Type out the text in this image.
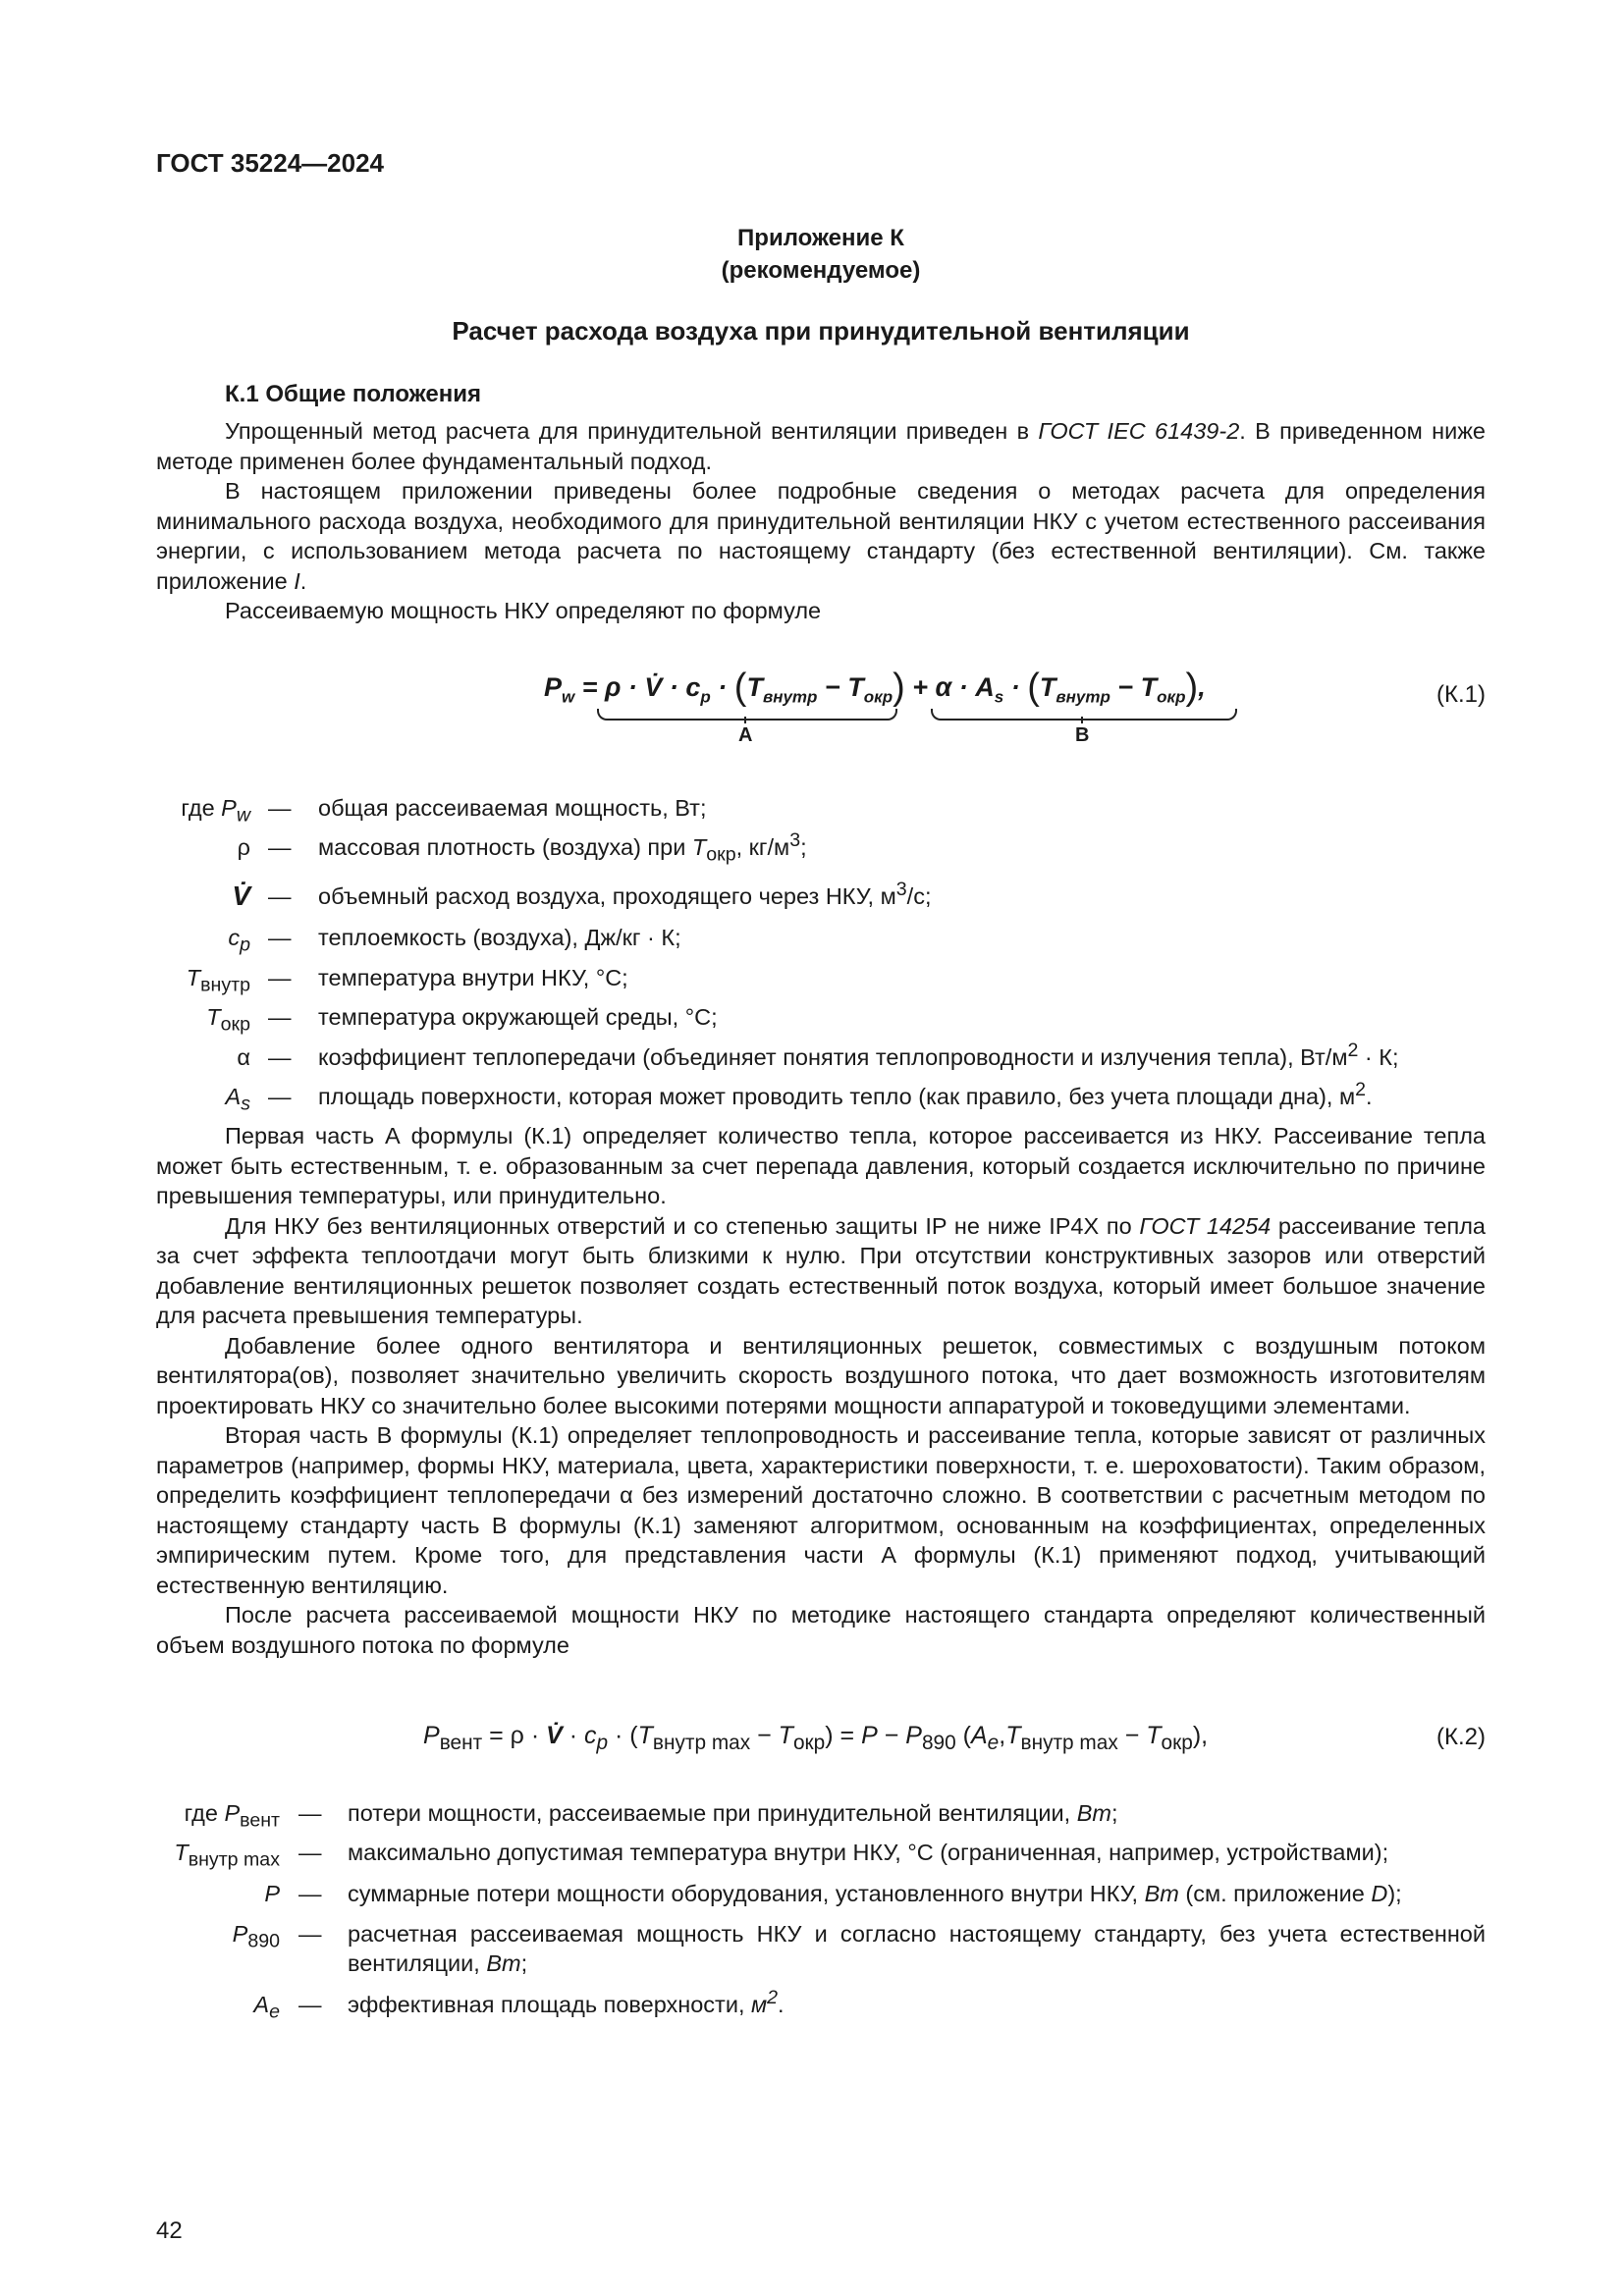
ГОСТ 35224—2024
Приложение К
(рекомендуемое)
Расчет расхода воздуха при принудительной вентиляции
К.1 Общие положения

Упрощенный метод расчета для принудительной вентиляции приведен в ГОСТ IEC 61439-2. В приведенном ниже методе применен более фундаментальный подход.

В настоящем приложении приведены более подробные сведения о методах расчета для определения минимального расхода воздуха, необходимого для принудительной вентиляции НКУ с учетом естественного рассеивания энергии, с использованием метода расчета по настоящему стандарту (без естественной вентиляции). См. также приложение I.

Рассеиваемую мощность НКУ определяют по формуле

$P_w = \rho$ · V̇ · $c_p \cdot (T_{внутр} - T_{окр}) + \alpha \cdot A_s \cdot (T_{внутр} - T_{окр})$,
A	B
(К.1)
где $P_w$ — общая рассеиваемая мощность, Вт;
ρ — массовая плотность (воздуха) при $T_{окр}$, $кг/м^3$;
V̇ — объемный расход воздуха, проходящего через НКУ, $м^3/с$;
$c_p$ — теплоемкость (воздуха), Дж/кг · К;
$T_{внутр}$ — температура внутри НКУ, °С;
$T_{окр}$ — температура окружающей среды, °С;
α — коэффициент теплопередачи (объединяет понятия теплопроводности и излучения тепла), $Вт/м^2 \cdot К$;
$A_s$ — площадь поверхности, которая может проводить тепло (как правило, без учета площади дна), $м^2$.

Первая часть А формулы (К.1) определяет количество тепла, которое рассеивается из НКУ. Рассеивание тепла может быть естественным, т. е. образованным за счет перепада давления, который создается исключительно по причине превышения температуры, или принудительно.

Для НКУ без вентиляционных отверстий и со степенью защиты IP не ниже IP4X по ГОСТ 14254 рассеивание тепла за счет эффекта теплоотдачи могут быть близкими к нулю. При отсутствии конструктивных зазоров или отверстий добавление вентиляционных решеток позволяет создать естественный поток воздуха, который имеет большое значение для расчета превышения температуры.

Добавление более одного вентилятора и вентиляционных решеток, совместимых с воздушным потоком вентилятора(ов), позволяет значительно увеличить скорость воздушного потока, что дает возможность изготовителям проектировать НКУ со значительно более высокими потерями мощности аппаратурой и токоведущими элементами.

Вторая часть В формулы (К.1) определяет теплопроводность и рассеивание тепла, которые зависят от различных параметров (например, формы НКУ, материала, цвета, характеристики поверхности, т. е. шероховатости). Таким образом, определить коэффициент теплопередачи α без измерений достаточно сложно. В соответствии с расчетным методом по настоящему стандарту часть В формулы (К.1) заменяют алгоритмом, основанным на коэффициентах, определенных эмпирическим путем. Кроме того, для представления части А формулы (К.1) применяют подход, учитывающий естественную вентиляцию.

После расчета рассеиваемой мощности НКУ по методике настоящего стандарта определяют количественный объем воздушного потока по формуле

$P_{вент} = \rho$ · V̇ · $c_p \cdot (T_{внутр max} - T_{окр}) = P - P_{890}$ $(A_e,T_{внутр max} - T_{окр})$,	(К.2)
где $P_{вент}$ — потери мощности, рассеиваемые при принудительной вентиляции, Вт;
$T_{внутр max}$ — максимально допустимая температура внутри НКУ, °С (ограниченная, например, устройствами);
P — суммарные потери мощности оборудования, установленного внутри НКУ, Вт (см. приложение D);
$P_{890}$ — расчетная рассеиваемая мощность НКУ и согласно настоящему стандарту, без учета естественной вентиляции, Вт;
$A_e$ — эффективная площадь поверхности, $м^2$.
42
